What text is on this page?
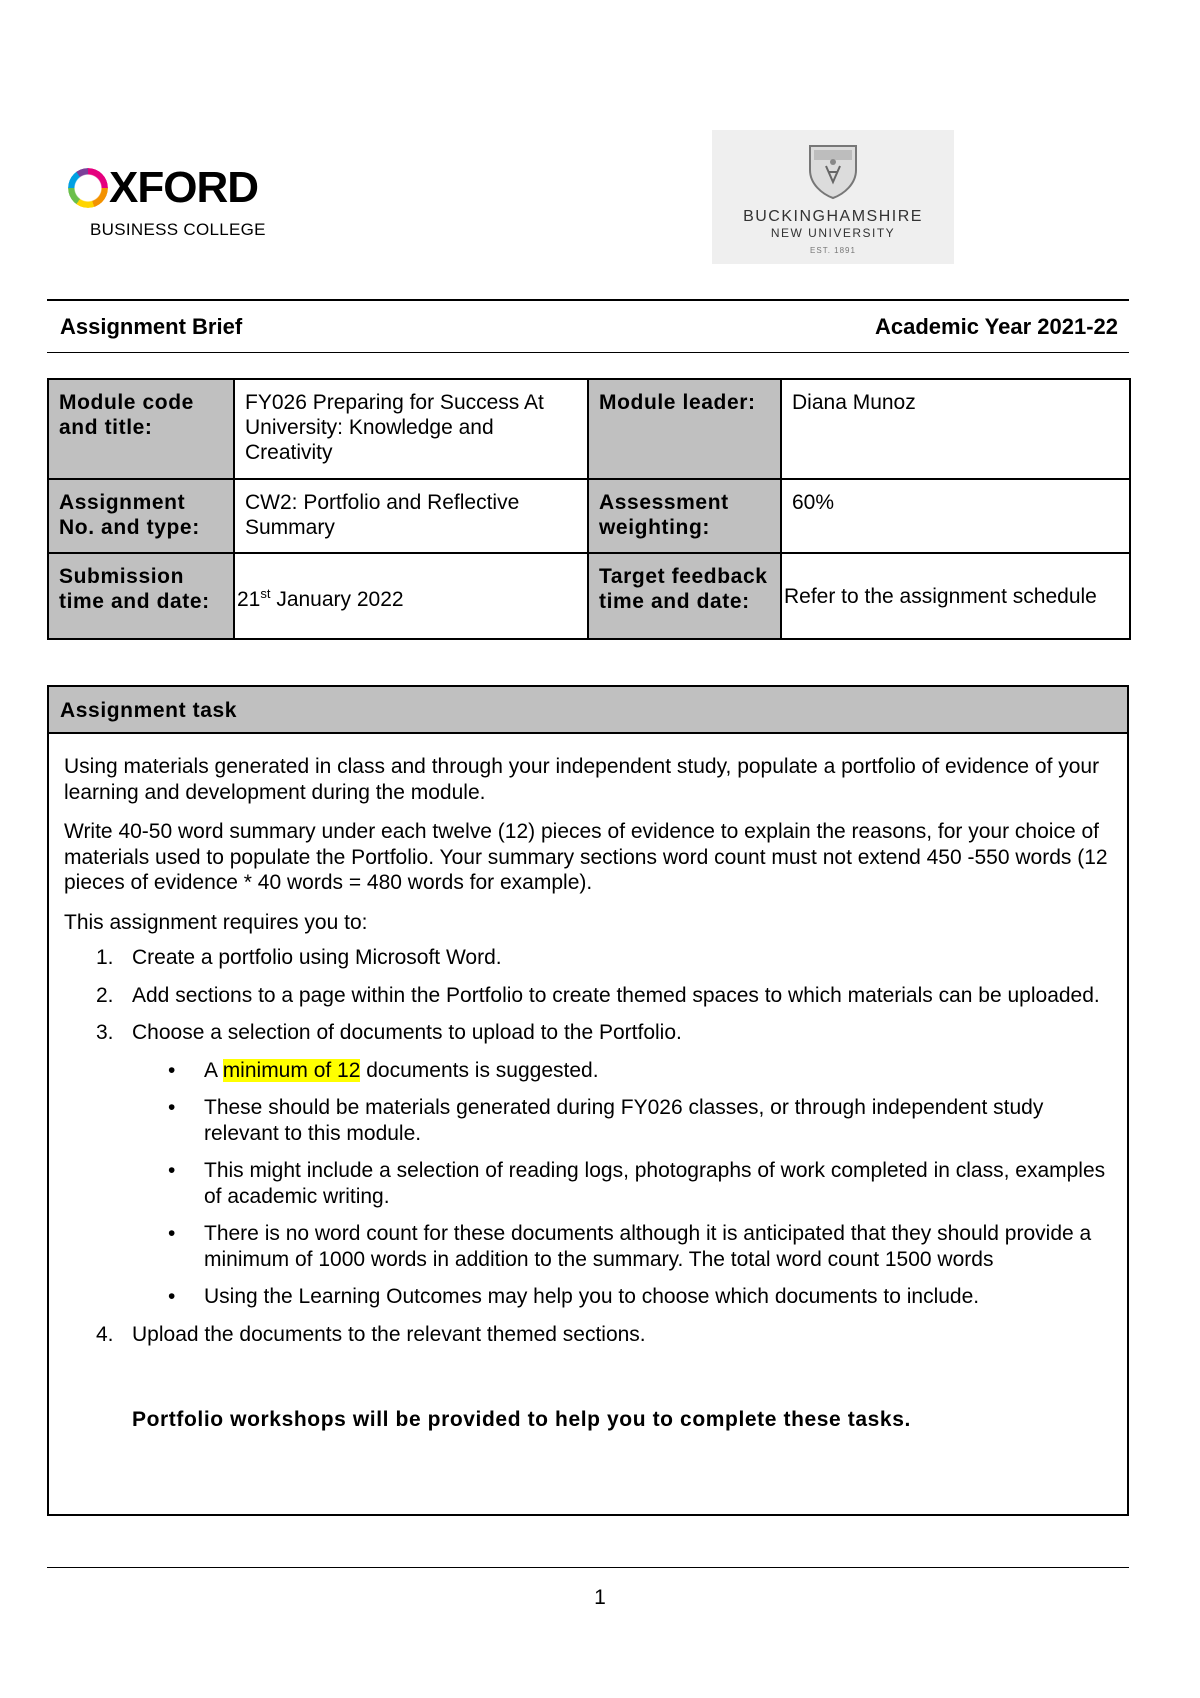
XFORD
BUSINESS COLLEGE
BUCKINGHAMSHIRE
NEW UNIVERSITY
EST. 1891
Assignment Brief	Academic Year 2021-22
Module code and title:	FY026 Preparing for Success At University: Knowledge and Creativity	Module leader:	Diana Munoz
Assignment No. and type:	CW2: Portfolio and Reflective Summary	Assessment weighting:	60%
Submission time and date:	21st January 2022	Target feedback time and date:	Refer to the assignment schedule
Assignment task

Using materials generated in class and through your independent study, populate a portfolio of evidence of your learning and development during the module.

Write 40-50 word summary under each twelve (12) pieces of evidence to explain the reasons, for your choice of materials used to populate the Portfolio. Your summary sections word count must not extend 450 -550 words (12 pieces of evidence * 40 words = 480 words for example).

This assignment requires you to:

1. Create a portfolio using Microsoft Word.
2. Add sections to a page within the Portfolio to create themed spaces to which materials can be uploaded.
3. Choose a selection of documents to upload to the Portfolio.
• A minimum of 12 documents is suggested.
• These should be materials generated during FY026 classes, or through independent study relevant to this module.
• This might include a selection of reading logs, photographs of work completed in class, examples of academic writing.
• There is no word count for these documents although it is anticipated that they should provide a minimum of 1000 words in addition to the summary. The total word count 1500 words
• Using the Learning Outcomes may help you to choose which documents to include.
4. Upload the documents to the relevant themed sections.
Portfolio workshops will be provided to help you to complete these tasks.
1
